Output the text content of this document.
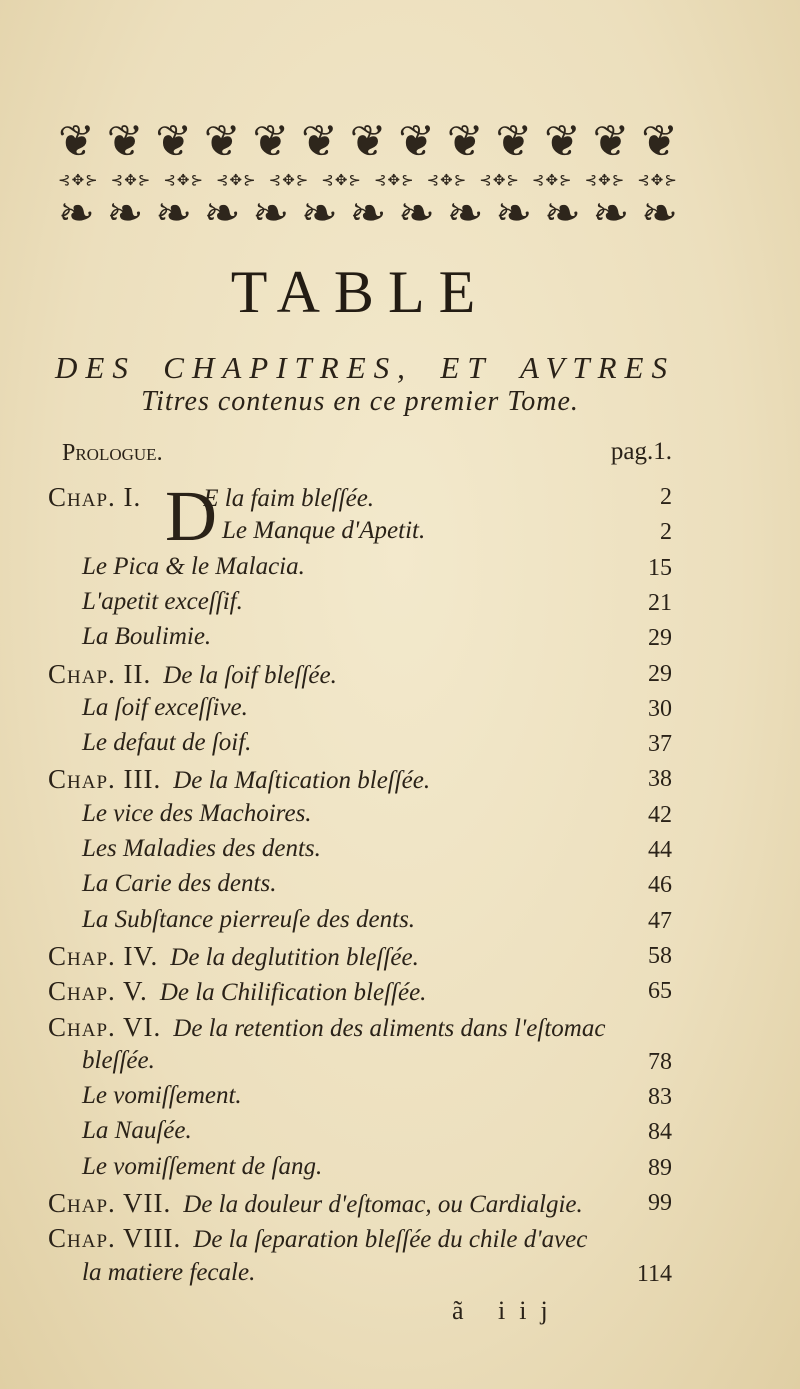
❦ ❦ ❦ ❦ ❦ ❦ ❦ ❦ ❦ ❦ ❦ ❦ ❦
⊰✥⊱ ⊰✥⊱ ⊰✥⊱ ⊰✥⊱ ⊰✥⊱ ⊰✥⊱ ⊰✥⊱ ⊰✥⊱ ⊰✥⊱ ⊰✥⊱ ⊰✥⊱ ⊰✥⊱
❧ ❧ ❧ ❧ ❧ ❧ ❧ ❧ ❧ ❧ ❧ ❧ ❧
TABLE
DES CHAPITRES, ET AVTRES
Titres contenus en ce premier Tome.
Prologue.	pag.1.
D
Chap. I. E la faim bleſſée.	2
Le Manque d'Apetit.	2
Le Pica & le Malacia.	15
L'apetit exceſſif.	21
La Boulimie.	29
Chap. II. De la ſoif bleſſée.	29
La ſoif exceſſive.	30
Le defaut de ſoif.	37
Chap. III. De la Maſtication bleſſée.	38
Le vice des Machoires.	42
Les Maladies des dents.	44
La Carie des dents.	46
La Subſtance pierreuſe des dents.	47
Chap. IV. De la deglutition bleſſée.	58
Chap. V. De la Chilification bleſſée.	65
Chap. VI. De la retention des aliments dans l'eſtomac
bleſſée.	78
Le vomiſſement.	83
La Nauſée.	84
Le vomiſſement de ſang.	89
Chap. VII. De la douleur d'eſtomac, ou Cardialgie.	99
Chap. VIII. De la ſeparation bleſſée du chile d'avec
la matiere fecale.	114
ã iij
